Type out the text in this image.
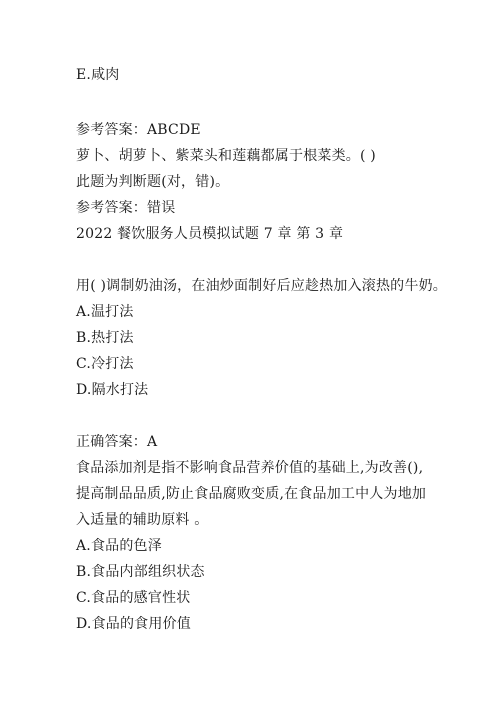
E.咸肉
参考答案：ABCDE
萝卜、胡萝卜、紫菜头和莲藕都属于根菜类。( )
此题为判断题(对，错)。
参考答案：错误
2022 餐饮服务人员模拟试题 7 章 第 3 章
用( )调制奶油汤，在油炒面制好后应趁热加入滚热的牛奶。
A.温打法
B.热打法
C.冷打法
D.隔水打法
正确答案：A
食品添加剂是指不影响食品营养价值的基础上,为改善(),提高制品品质,防止食品腐败变质,在食品加工中人为地加入适量的辅助原料 。
A.食品的色泽
B.食品内部组织状态
C.食品的感官性状
D.食品的食用价值
